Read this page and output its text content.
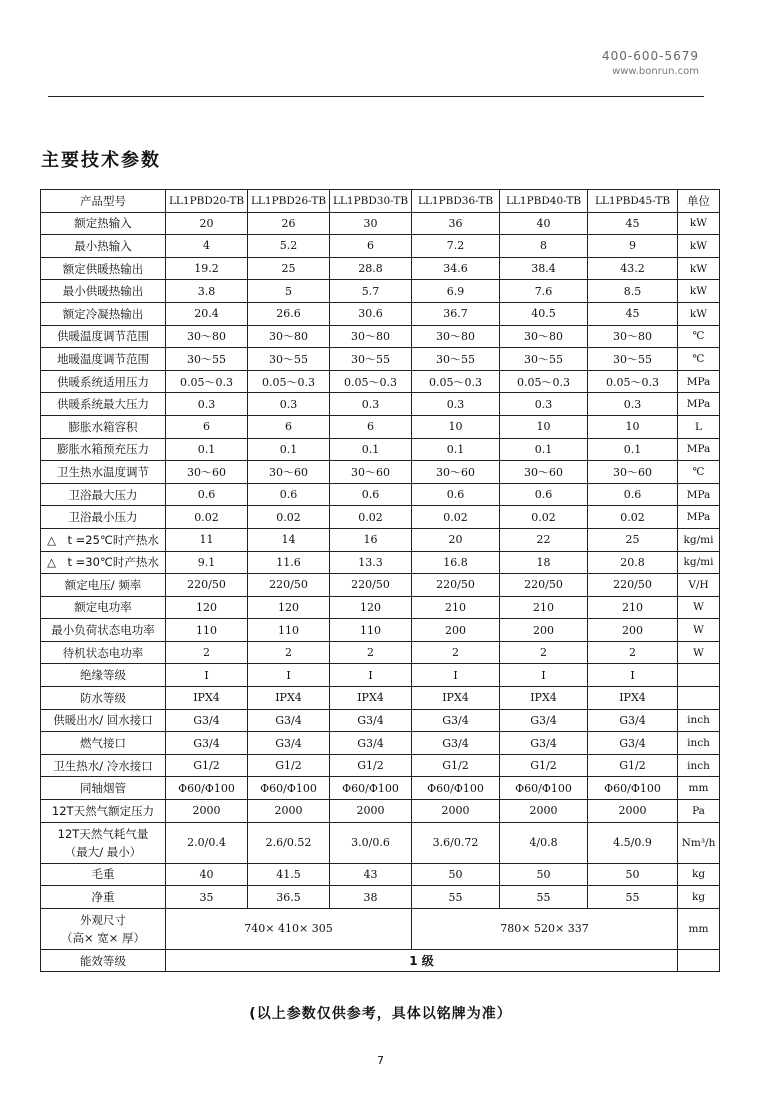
400-600-5679
www.bonrun.com
主要技术参数
产品型号	LL1PBD20-TB	LL1PBD26-TB	LL1PBD30-TB	LL1PBD36-TB	LL1PBD40-TB	LL1PBD45-TB	单位
额定热输入	20	26	30	36	40	45	kW
最小热输入	4	5.2	6	7.2	8	9	kW
额定供暖热输出	19.2	25	28.8	34.6	38.4	43.2	kW
最小供暖热输出	3.8	5	5.7	6.9	7.6	8.5	kW
额定冷凝热输出	20.4	26.6	30.6	36.7	40.5	45	kW
供暖温度调节范围	30～80	30～80	30～80	30～80	30～80	30～80	℃
地暖温度调节范围	30～55	30～55	30～55	30～55	30～55	30～55	℃
供暖系统适用压力	0.05～0.3	0.05～0.3	0.05～0.3	0.05～0.3	0.05～0.3	0.05～0.3	MPa
供暖系统最大压力	0.3	0.3	0.3	0.3	0.3	0.3	MPa
膨胀水箱容积	6	6	6	10	10	10	L
膨胀水箱预充压力	0.1	0.1	0.1	0.1	0.1	0.1	MPa
卫生热水温度调节	30～60	30～60	30～60	30～60	30～60	30～60	℃
卫浴最大压力	0.6	0.6	0.6	0.6	0.6	0.6	MPa
卫浴最小压力	0.02	0.02	0.02	0.02	0.02	0.02	MPa
△　t =25℃时产热水	11	14	16	20	22	25	kg/mi
△　t =30℃时产热水	9.1	11.6	13.3	16.8	18	20.8	kg/mi
额定电压/ 频率	220/50	220/50	220/50	220/50	220/50	220/50	V/H
额定电功率	120	120	120	210	210	210	W
最小负荷状态电功率	110	110	110	200	200	200	W
待机状态电功率	2	2	2	2	2	2	W
绝缘等级	I	I	I	I	I	I	
防水等级	IPX4	IPX4	IPX4	IPX4	IPX4	IPX4	
供暖出水/ 回水接口	G3/4	G3/4	G3/4	G3/4	G3/4	G3/4	inch
燃气接口	G3/4	G3/4	G3/4	G3/4	G3/4	G3/4	inch
卫生热水/ 冷水接口	G1/2	G1/2	G1/2	G1/2	G1/2	G1/2	inch
同轴烟管	Φ60/Φ100	Φ60/Φ100	Φ60/Φ100	Φ60/Φ100	Φ60/Φ100	Φ60/Φ100	mm
12T天然气额定压力	2000	2000	2000	2000	2000	2000	Pa

12T天然气耗气量
（最大/ 最小）	2.0/0.4	2.6/0.52	3.0/0.6	3.6/0.72	4/0.8	4.5/0.9	Nm³/h
毛重	40	41.5	43	50	50	50	kg
净重	35	36.5	38	55	55	55	kg

外观尺寸
（高× 宽× 厚）	740× 410× 305			780× 520× 337			mm
能效等级	1 级						
(以上参数仅供参考，具体以铭牌为准）
7
